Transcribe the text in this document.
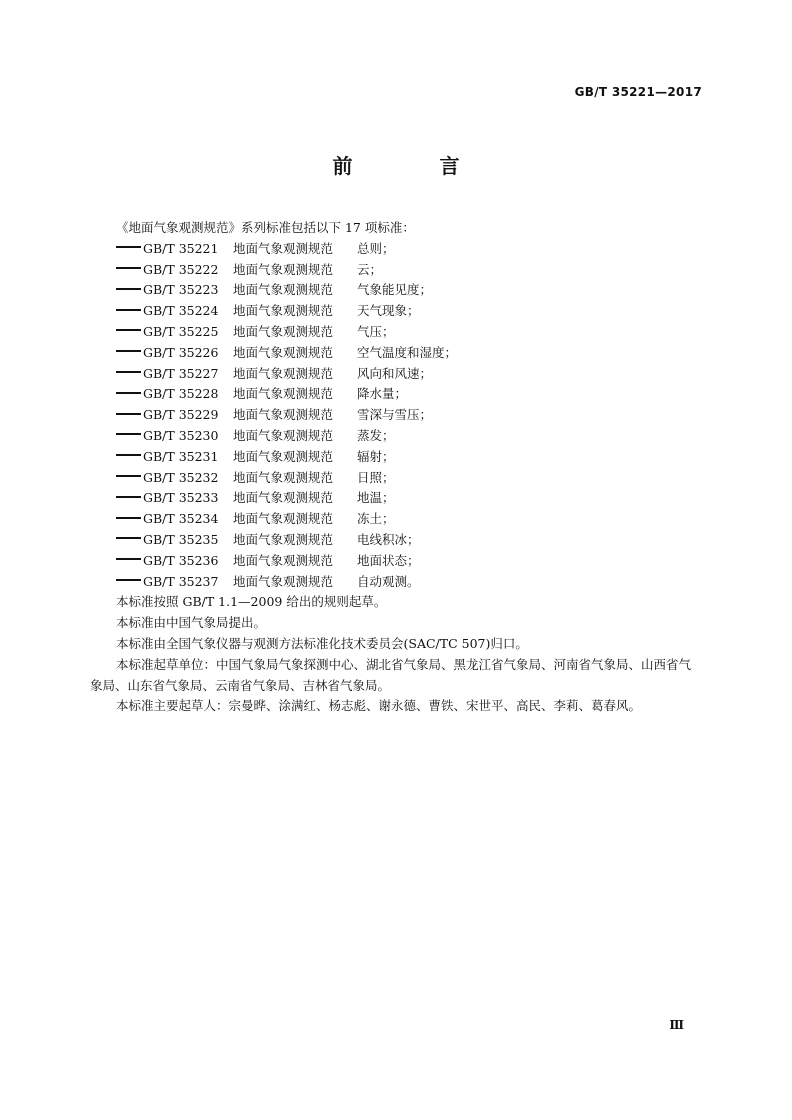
GB/T 35221—2017
前 言

《地面气象观测规范》系列标准包括以下 17 项标准：

GB/T 35221	地面气象观测规范	总则；
GB/T 35222	地面气象观测规范	云；
GB/T 35223	地面气象观测规范	气象能见度；
GB/T 35224	地面气象观测规范	天气现象；
GB/T 35225	地面气象观测规范	气压；
GB/T 35226	地面气象观测规范	空气温度和湿度；
GB/T 35227	地面气象观测规范	风向和风速；
GB/T 35228	地面气象观测规范	降水量；
GB/T 35229	地面气象观测规范	雪深与雪压；
GB/T 35230	地面气象观测规范	蒸发；
GB/T 35231	地面气象观测规范	辐射；
GB/T 35232	地面气象观测规范	日照；
GB/T 35233	地面气象观测规范	地温；
GB/T 35234	地面气象观测规范	冻土；
GB/T 35235	地面气象观测规范	电线积冰；
GB/T 35236	地面气象观测规范	地面状态；
GB/T 35237	地面气象观测规范	自动观测。

本标准按照 GB/T 1.1—2009 给出的规则起草。

本标准由中国气象局提出。

本标准由全国气象仪器与观测方法标准化技术委员会(SAC/TC 507)归口。

本标准起草单位：中国气象局气象探测中心、湖北省气象局、黑龙江省气象局、河南省气象局、山西省气象局、山东省气象局、云南省气象局、吉林省气象局。

本标准主要起草人：宗曼晔、涂满红、杨志彪、谢永德、曹铁、宋世平、高民、李莉、葛春风。

Ⅲ
